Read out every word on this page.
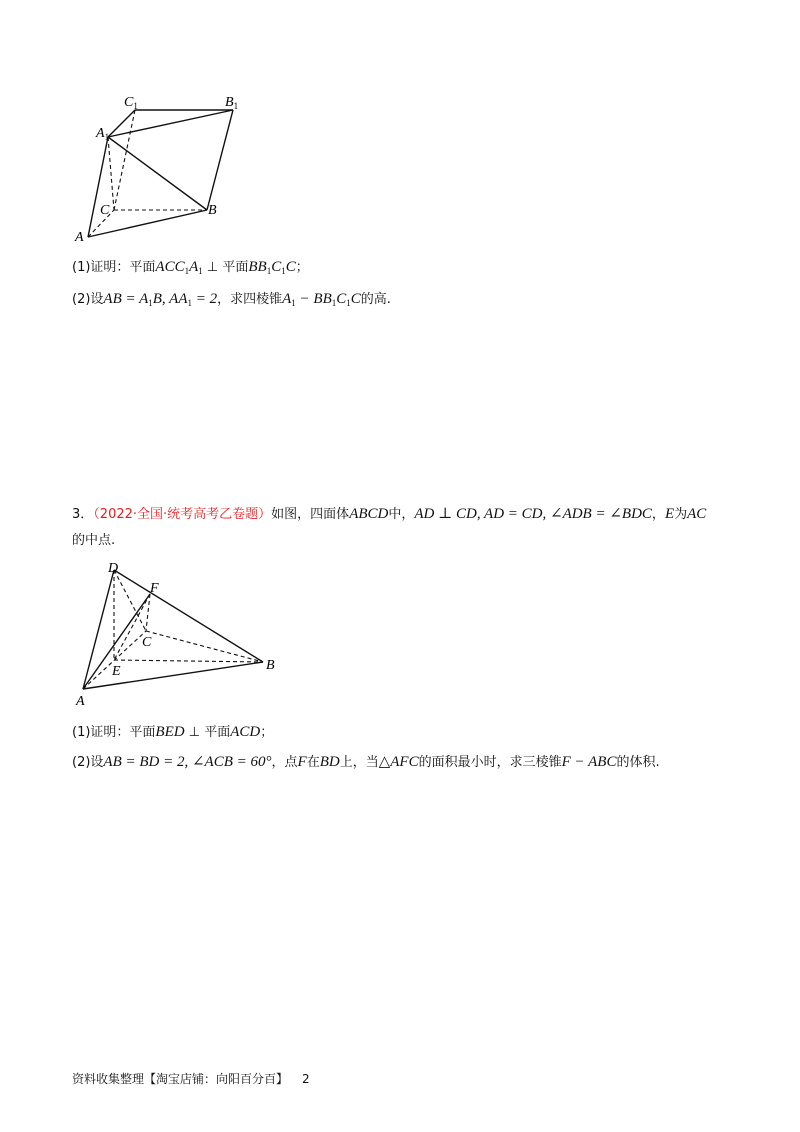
$C_1$	$B_1$
$A_1$
C	B
A
(1)证明：平面$ACC_1A_1$ ⊥ 平面$BB_1C_1C$；
(2)设AB = $A_1B$, $AA_1 = 2$，求四棱锥$A_1 - BB_1C_1C$的高.
3．（2022·全国·统考高考乙卷题）如图，四面体ABCD中，AD ⊥ CD, AD = CD, ∠ADB = ∠BDC，E为AC
的中点.
D
F
C
B
E
A
(1)证明：平面BED ⊥ 平面ACD；
(2)设AB = BD = 2, ∠ACB = 60°，点F在BD上，当△AFC的面积最小时，求三棱锥F − ABC的体积.
资料收集整理【淘宝店铺：向阳百分百】 2
